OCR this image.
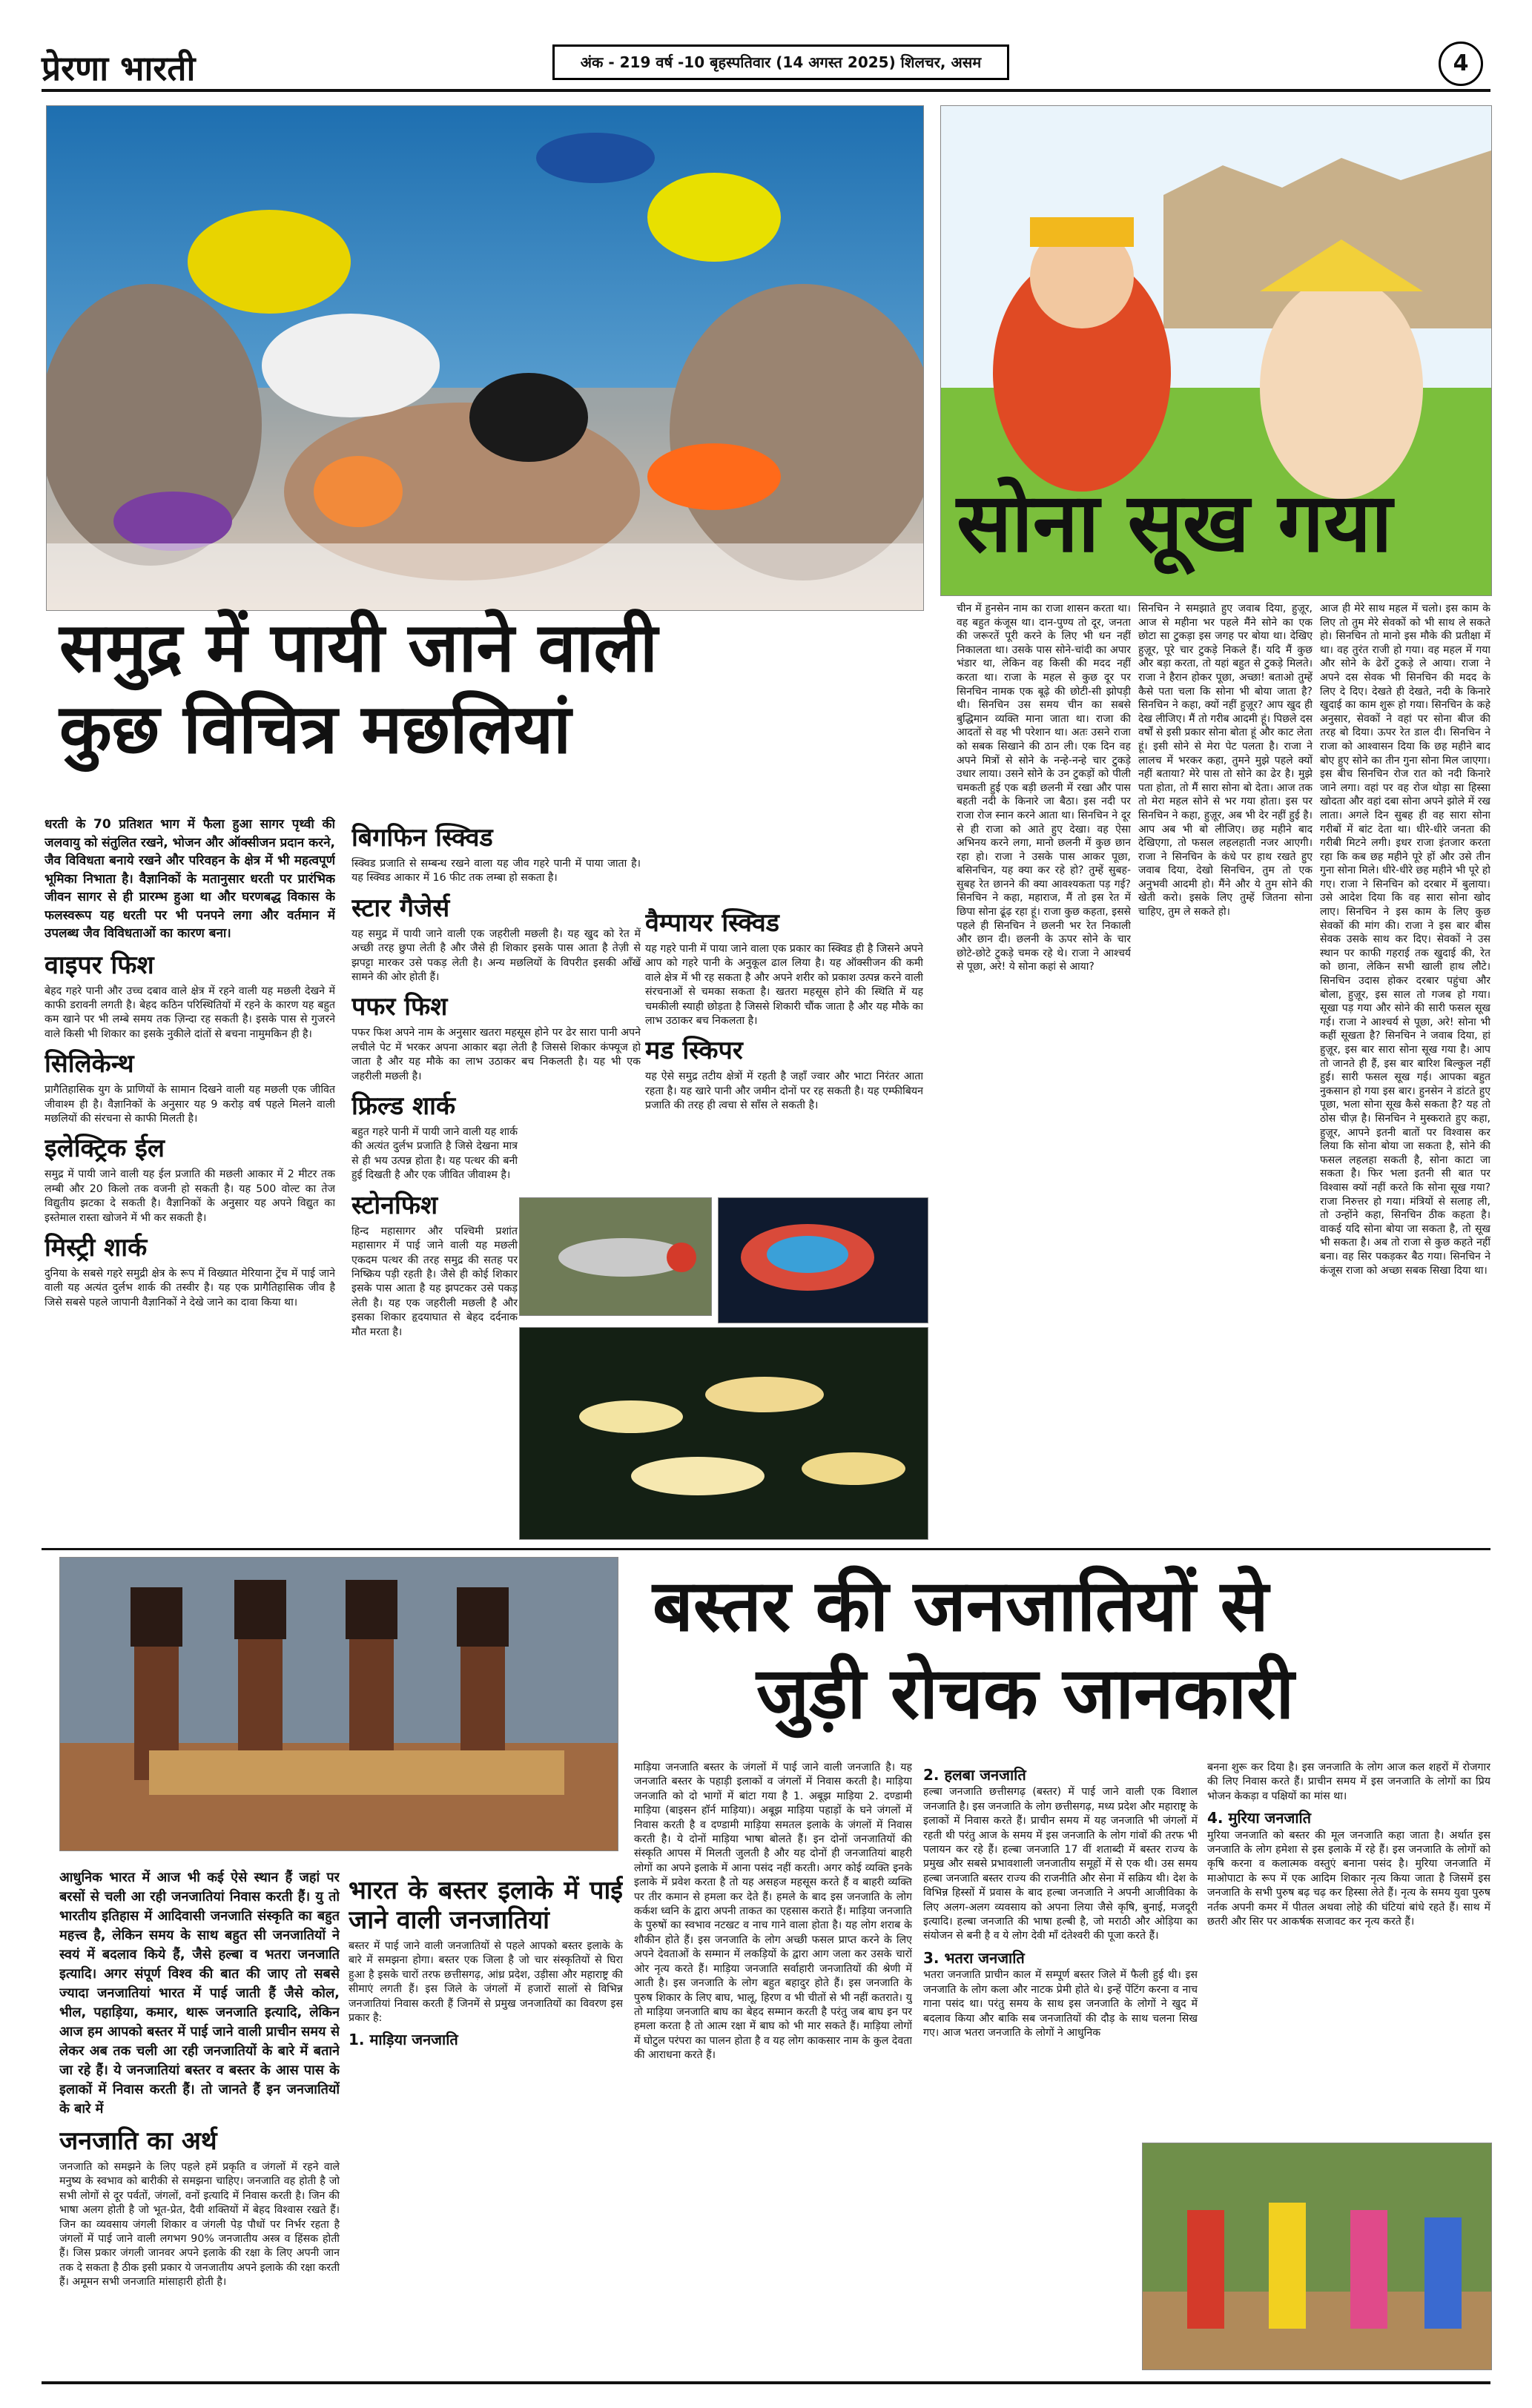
प्रेरणा भारती	अंक - 219 वर्ष -10 बृहस्पतिवार (14 अगस्त 2025) शिलचर, असम	4
समुद्र में पायी जाने वाली
कुछ विचित्र मछलियां

धरती के 70 प्रतिशत भाग में फैला हुआ सागर पृथ्वी की जलवायु को संतुलित रखने, भोजन और ऑक्सीजन प्रदान करने, जैव विविधता बनाये रखने और परिवहन के क्षेत्र में भी महत्वपूर्ण भूमिका निभाता है। वैज्ञानिकों के मतानुसार धरती पर प्रारंभिक जीवन सागर से ही प्रारम्भ हुआ था और घरणबद्ध विकास के फलस्वरूप यह धरती पर भी पनपने लगा और वर्तमान में उपलब्ध जैव विविधताओं का कारण बना।

वाइपर फिश

बेहद गहरे पानी और उच्च दबाव वाले क्षेत्र में रहने वाली यह मछली देखने में काफी डरावनी लगती है। बेहद कठिन परिस्थितियों में रहने के कारण यह बहुत कम खाने पर भी लम्बे समय तक ज़िन्दा रह सकती है। इसके पास से गुजरने वाले किसी भी शिकार का इसके नुकीले दांतों से बचना नामुमकिन ही है।

सिलिकेन्थ

प्रागैतिहासिक युग के प्राणियों के सामान दिखने वाली यह मछली एक जीवित जीवाश्म ही है। वैज्ञानिकों के अनुसार यह 9 करोड़ वर्ष पहले मिलने वाली मछलियों की संरचना से काफी मिलती है।

इलेक्ट्रिक ईल

समुद्र में पायी जाने वाली यह ईल प्रजाति की मछली आकार में 2 मीटर तक लम्बी और 20 किलो तक वजनी हो सकती है। यह 500 वोल्ट का तेज विद्युतीय झटका दे सकती है। वैज्ञानिकों के अनुसार यह अपने विद्युत का इस्तेमाल रास्ता खोजने में भी कर सकती है।

मिस्ट्री शार्क

दुनिया के सबसे गहरे समुद्री क्षेत्र के रूप में विख्यात मेरियाना ट्रेंच में पाई जाने वाली यह अत्यंत दुर्लभ शार्क की तस्वीर है। यह एक प्रागैतिहासिक जीव है जिसे सबसे पहले जापानी वैज्ञानिकों ने देखे जाने का दावा किया था।

बिगफिन स्क्विड

स्क्विड प्रजाति से सम्बन्ध रखने वाला यह जीव गहरे पानी में पाया जाता है। यह स्क्विड आकार में 16 फीट तक लम्बा हो सकता है।

स्टार गैजेर्स

यह समुद्र में पायी जाने वाली एक जहरीली मछली है। यह खुद को रेत में अच्छी तरह छुपा लेती है और जैसे ही शिकार इसके पास आता है तेज़ी से झपट्टा मारकर उसे पकड़ लेती है। अन्य मछलियों के विपरीत इसकी आँखें सामने की ओर होती हैं।

पफर फिश

पफर फिश अपने नाम के अनुसार खतरा महसूस होने पर ढेर सारा पानी अपने लचीले पेट में भरकर अपना आकार बढ़ा लेती है जिससे शिकार कंफ्यूज हो जाता है और यह मौके का लाभ उठाकर बच निकलती है। यह भी एक जहरीली मछली है।

फ्रिल्ड शार्क

बहुत गहरे पानी में पायी जाने वाली यह शार्क की अत्यंत दुर्लभ प्रजाति है जिसे देखना मात्र से ही भय उत्पन्न होता है। यह पत्थर की बनी हुई दिखती है और एक जीवित जीवाश्म है।

स्टोनफिश

हिन्द महासागर और पश्चिमी प्रशांत महासागर में पाई जाने वाली यह मछली एकदम पत्थर की तरह समुद्र की सतह पर निष्क्रिय पड़ी रहती है। जैसे ही कोई शिकार इसके पास आता है यह झपटकर उसे पकड़ लेती है। यह एक जहरीली मछली है और इसका शिकार हृदयाघात से बेहद दर्दनाक मौत मरता है।

वैम्पायर स्क्विड

यह गहरे पानी में पाया जाने वाला एक प्रकार का स्क्विड ही है जिसने अपने आप को गहरे पानी के अनुकूल ढाल लिया है। यह ऑक्सीजन की कमी वाले क्षेत्र में भी रह सकता है और अपने शरीर को प्रकाश उत्पन्न करने वाली संरचनाओं से चमका सकता है। खतरा महसूस होने की स्थिति में यह चमकीली स्याही छोड़ता है जिससे शिकारी चौंक जाता है और यह मौके का लाभ उठाकर बच निकलता है।

मड स्किपर

यह ऐसे समुद्र तटीय क्षेत्रों में रहती है जहाँ ज्वार और भाटा निरंतर आता रहता है। यह खारे पानी और जमीन दोनों पर रह सकती है। यह एम्फीबियन प्रजाति की तरह ही त्वचा से साँस ले सकती है।

सोना सूख गया

चीन में हुनसेन नाम का राजा शासन करता था। वह बहुत कंजूस था। दान-पुण्य तो दूर, जनता की जरूरतें पूरी करने के लिए भी धन नहीं निकालता था। उसके पास सोने-चांदी का अपार भंडार था, लेकिन वह किसी की मदद नहीं करता था। राजा के महल से कुछ दूर पर सिनचिन नामक एक बूढ़े की छोटी-सी झोपड़ी थी। सिनचिन उस समय चीन का सबसे बुद्धिमान व्यक्ति माना जाता था। राजा की आदतों से वह भी परेशान था। अतः उसने राजा को सबक सिखाने की ठान ली। एक दिन वह अपने मित्रों से सोने के नन्हे-नन्हे चार टुकड़े उधार लाया। उसने सोने के उन टुकड़ों को पीली चमकती हुई एक बड़ी छलनी में रखा और पास बहती नदी के किनारे जा बैठा। इस नदी पर राजा रोज स्नान करने आता था। सिनचिन ने दूर से ही राजा को आते हुए देखा। वह ऐसा अभिनय करने लगा, मानो छलनी में कुछ छान रहा हो। राजा ने उसके पास आकर पूछा, बसिनचिन, यह क्या कर रहे हो? तुम्हें सुबह-सुबह रेत छानने की क्या आवश्यकता पड़ गई? सिनचिन ने कहा, महाराज, मैं तो इस रेत में छिपा सोना ढूंढ़ रहा हूं। राजा कुछ कहता, इससे पहले ही सिनचिन ने छलनी भर रेत निकाली और छान दी। छलनी के ऊपर सोने के चार छोटे-छोटे टुकड़े चमक रहे थे। राजा ने आश्चर्य से पूछा, अरे! ये सोना कहां से आया?

सिनचिन ने समझाते हुए जवाब दिया, हुज़ूर, आज से महीना भर पहले मैंने सोने का एक छोटा सा टुकड़ा इस जगह पर बोया था। देखिए हुज़ूर, पूरे चार टुकड़े निकले हैं। यदि मैं कुछ और बड़ा करता, तो यहां बहुत से टुकड़े मिलते। राजा ने हैरान होकर पूछा, अच्छा! बताओ तुम्हें कैसे पता चला कि सोना भी बोया जाता है? सिनचिन ने कहा, क्यों नहीं हुज़ूर? आप खुद ही देख लीजिए। मैं तो गरीब आदमी हूं। पिछले दस वर्षों से इसी प्रकार सोना बोता हूं और काट लेता हूं। इसी सोने से मेरा पेट पलता है। राजा ने लालच में भरकर कहा, तुमने मुझे पहले क्यों नहीं बताया? मेरे पास तो सोने का ढेर है। मुझे पता होता, तो मैं सारा सोना बो देता। आज तक तो मेरा महल सोने से भर गया होता। इस पर सिनचिन ने कहा, हुज़ूर, अब भी देर नहीं हुई है। आप अब भी बो लीजिए। छह महीने बाद देखिएगा, तो फसल लहलहाती नजर आएगी। राजा ने सिनचिन के कंधे पर हाथ रखते हुए जवाब दिया, देखो सिनचिन, तुम तो एक अनुभवी आदमी हो। मैंने और ये तुम सोने की खेती करो। इसके लिए तुम्हें जितना सोना चाहिए, तुम ले सकते हो।

आज ही मेरे साथ महल में चलो। इस काम के लिए तो तुम मेरे सेवकों को भी साथ ले सकते हो। सिनचिन तो मानो इस मौके की प्रतीक्षा में था। वह तुरंत राजी हो गया। वह महल में गया और सोने के ढेरों टुकड़े ले आया। राजा ने अपने दस सेवक भी सिनचिन की मदद के लिए दे दिए। देखते ही देखते, नदी के किनारे खुदाई का काम शुरू हो गया। सिनचिन के कहे अनुसार, सेवकों ने वहां पर सोना बीज की तरह बो दिया। ऊपर रेत डाल दी। सिनचिन ने राजा को आश्वासन दिया कि छह महीने बाद बोए हुए सोने का तीन गुना सोना मिल जाएगा। इस बीच सिनचिन रोज रात को नदी किनारे जाने लगा। वहां पर वह रोज थोड़ा सा हिस्सा खोदता और वहां दबा सोना अपने झोले में रख लाता। अगले दिन सुबह ही वह सारा सोना गरीबों में बांट देता था। धीरे-धीरे जनता की गरीबी मिटने लगी। इधर राजा इंतजार करता रहा कि कब छह महीने पूरे हों और उसे तीन गुना सोना मिले। धीरे-धीरे छह महीने भी पूरे हो गए। राजा ने सिनचिन को दरबार में बुलाया। उसे आदेश दिया कि वह सारा सोना खोद लाए। सिनचिन ने इस काम के लिए कुछ सेवकों की मांग की। राजा ने इस बार बीस सेवक उसके साथ कर दिए। सेवकों ने उस स्थान पर काफी गहराई तक खुदाई की, रेत को छाना, लेकिन सभी खाली हाथ लौटे। सिनचिन उदास होकर दरबार पहुंचा और बोला, हुज़ूर, इस साल तो गजब हो गया। सूखा पड़ गया और सोने की सारी फसल सूख गई। राजा ने आश्चर्य से पूछा, अरे! सोना भी कहीं सूखता है? सिनचिन ने जवाब दिया, हां हुज़ूर, इस बार सारा सोना सूख गया है। आप तो जानते ही हैं, इस बार बारिश बिल्कुल नहीं हुई। सारी फसल सूख गई। आपका बहुत नुकसान हो गया इस बार। हुनसेन ने डांटते हुए पूछा, भला सोना सूख कैसे सकता है? यह तो ठोस चीज़ है। सिनचिन ने मुस्कराते हुए कहा, हुज़ूर, आपने इतनी बातों पर विश्वास कर लिया कि सोना बोया जा सकता है, सोने की फसल लहलहा सकती है, सोना काटा जा सकता है। फिर भला इतनी सी बात पर विश्वास क्यों नहीं करते कि सोना सूख गया? राजा निरुत्तर हो गया। मंत्रियों से सलाह ली, तो उन्होंने कहा, सिनचिन ठीक कहता है। वाकई यदि सोना बोया जा सकता है, तो सूख भी सकता है। अब तो राजा से कुछ कहते नहीं बना। वह सिर पकड़कर बैठ गया। सिनचिन ने कंजूस राजा को अच्छा सबक सिखा दिया था।

बस्तर की जनजातियों से
जुड़ी रोचक जानकारी

आधुनिक भारत में आज भी कई ऐसे स्थान हैं जहां पर बरसों से चली आ रही जनजातियां निवास करती हैं। यु तो भारतीय इतिहास में आदिवासी जनजाति संस्कृति का बहुत महत्त्व है, लेकिन समय के साथ बहुत सी जनजातियों ने स्वयं में बदलाव किये हैं, जैसे हल्बा व भतरा जनजाति इत्यादि। अगर संपूर्ण विश्व की बात की जाए तो सबसे ज्यादा जनजातियां भारत में पाई जाती हैं जैसे कोल, भील, पहाड़िया, कमार, थारू जनजाति इत्यादि, लेकिन आज हम आपको बस्तर में पाई जाने वाली प्राचीन समय से लेकर अब तक चली आ रही जनजातियों के बारे में बताने जा रहे हैं। ये जनजातियां बस्तर व बस्तर के आस पास के इलाकों में निवास करती हैं। तो जानते हैं इन जनजातियों के बारे में

जनजाति का अर्थ

जनजाति को समझने के लिए पहले हमें प्रकृति व जंगलों में रहने वाले मनुष्य के स्वभाव को बारीकी से समझना चाहिए। जनजाति वह होती है जो सभी लोगों से दूर पर्वतों, जंगलों, वनों इत्यादि में निवास करती है। जिन की भाषा अलग होती है जो भूत-प्रेत, दैवी शक्तियों में बेहद विश्वास रखते हैं। जिन का व्यवसाय जंगली शिकार व जंगली पेड़ पौधों पर निर्भर रहता है जंगलों में पाई जाने वाली लगभग 90% जनजातीय अस्त्र व हिंसक होती हैं। जिस प्रकार जंगली जानवर अपने इलाके की रक्षा के लिए अपनी जान तक दे सकता है ठीक इसी प्रकार ये जनजातीय अपने इलाके की रक्षा करती हैं। अमूमन सभी जनजाति मांसाहारी होती है।

भारत के बस्तर इलाके में पाई जाने वाली जनजातियां

बस्तर में पाई जाने वाली जनजातियों से पहले आपको बस्तर इलाके के बारे में समझना होगा। बस्तर एक जिला है जो चार संस्कृतियों से घिरा हुआ है इसके चारों तरफ छत्तीसगढ़, आंध्र प्रदेश, उड़ीसा और महाराष्ट्र की सीमाएं लगती हैं। इस जिले के जंगलों में हजारों सालों से विभिन्न जनजातियां निवास करती हैं जिनमें से प्रमुख जनजातियों का विवरण इस प्रकार है:

1. माड़िया जनजाति

माड़िया जनजाति बस्तर के जंगलों में पाई जाने वाली जनजाति है। यह जनजाति बस्तर के पहाड़ी इलाकों व जंगलों में निवास करती है। माड़िया जनजाति को दो भागों में बांटा गया है 1. अबूझ माड़िया 2. दण्डामी माड़िया (बाइसन हॉर्न माड़िया)। अबूझ माड़िया पहाड़ों के घने जंगलों में निवास करती है व दण्डामी माड़िया समतल इलाके के जंगलों में निवास करती है। ये दोनों माड़िया भाषा बोलते हैं। इन दोनों जनजातियों की संस्कृति आपस में मिलती जुलती है और यह दोनों ही जनजातियां बाहरी लोगों का अपने इलाके में आना पसंद नहीं करती। अगर कोई व्यक्ति इनके इलाके में प्रवेश करता है तो यह असहज महसूस करते हैं व बाहरी व्यक्ति पर तीर कमान से हमला कर देते हैं। हमले के बाद इस जनजाति के लोग कर्कश ध्वनि के द्वारा अपनी ताकत का एहसास कराते हैं। माड़िया जनजाति के पुरुषों का स्वभाव नटखट व नाच गाने वाला होता है। यह लोग शराब के शौकीन होते हैं। इस जनजाति के लोग अच्छी फसल प्राप्त करने के लिए अपने देवताओं के सम्मान में लकड़ियों के द्वारा आग जला कर उसके चारों ओर नृत्य करते हैं। माड़िया जनजाति सर्वाहारी जनजातियों की श्रेणी में आती है। इस जनजाति के लोग बहुत बहादुर होते हैं। इस जनजाति के पुरुष शिकार के लिए बाघ, भालू, हिरण व भी चीतों से भी नहीं कतराते। यु तो माड़िया जनजाति बाघ का बेहद सम्मान करती है परंतु जब बाघ इन पर हमला करता है तो आत्म रक्षा में बाघ को भी मार सकते हैं। माड़िया लोगों में घोटुल परंपरा का पालन होता है व यह लोग काकसार नाम के कुल देवता की आराधना करते हैं।

2. हलबा जनजाति

हल्बा जनजाति छत्तीसगढ़ (बस्तर) में पाई जाने वाली एक विशाल जनजाति है। इस जनजाति के लोग छत्तीसगढ़, मध्य प्रदेश और महाराष्ट्र के इलाकों में निवास करते हैं। प्राचीन समय में यह जनजाति भी जंगलों में रहती थी परंतु आज के समय में इस जनजाति के लोग गांवों की तरफ भी पलायन कर रहे हैं। हल्बा जनजाति 17 वीं शताब्दी में बस्तर राज्य के प्रमुख और सबसे प्रभावशाली जनजातीय समूहों में से एक थी। उस समय हल्बा जनजाति बस्तर राज्य की राजनीति और सेना में सक्रिय थी। देश के विभिन्न हिस्सों में प्रवास के बाद हल्बा जनजाति ने अपनी आजीविका के लिए अलग-अलग व्यवसाय को अपना लिया जैसे कृषि, बुनाई, मजदूरी इत्यादि। हल्बा जनजाति की भाषा हल्बी है, जो मराठी और ओड़िया का संयोजन से बनी है व ये लोग देवी माँ दंतेश्वरी की पूजा करते हैं।

3. भतरा जनजाति

भतरा जनजाति प्राचीन काल में सम्पूर्ण बस्तर जिले में फैली हुई थी। इस जनजाति के लोग कला और नाटक प्रेमी होते थे। इन्हें पेंटिंग करना व नाच गाना पसंद था। परंतु समय के साथ इस जनजाति के लोगों ने खुद में बदलाव किया और बाकि सब जनजातियों की दौड़ के साथ चलना सिख गए। आज भतरा जनजाति के लोगों ने आधुनिक

बनना शुरू कर दिया है। इस जनजाति के लोग आज कल शहरों में रोजगार की लिए निवास करते हैं। प्राचीन समय में इस जनजाति के लोगों का प्रिय भोजन केकड़ा व पक्षियों का मांस था।

4. मुरिया जनजाति

मुरिया जनजाति को बस्तर की मूल जनजाति कहा जाता है। अर्थात इस जनजाति के लोग हमेशा से इस इलाके में रहे हैं। इस जनजाति के लोगों को कृषि करना व कलात्मक वस्तुएं बनाना पसंद है। मुरिया जनजाति में माओपाटा के रूप में एक आदिम शिकार नृत्य किया जाता है जिसमें इस जनजाति के सभी पुरुष बढ़ चढ़ कर हिस्सा लेते हैं। नृत्य के समय युवा पुरुष नर्तक अपनी कमर में पीतल अथवा लोहे की घंटियां बांधे रहते हैं। साथ में छतरी और सिर पर आकर्षक सजावट कर नृत्य करते हैं।
